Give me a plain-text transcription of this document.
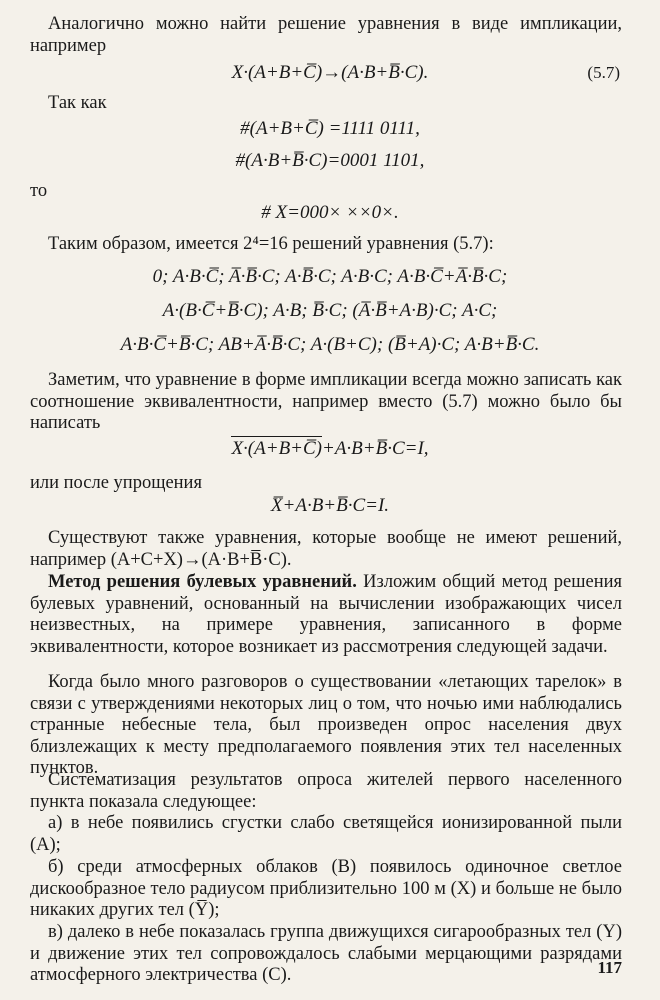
Аналогично можно найти решение уравнения в виде импликации, например

X·(A+B+C̅)→(A·B+B̅·C).	(5.7)

Так как

#(A+B+C̅) =1111 0111,
#(A·B+B̅·C)=0001 1101,

то

# X=000× ××0×.

Таким образом, имеется 2⁴=16 решений уравнения (5.7):

0; A·B·C̅; A̅·B̅·C; A·B̅·C; A·B·C; A·B·C̅+A̅·B̅·C;
A·(B·C̅+B̅·C); A·B; B̅·C; (A̅·B̅+A·B)·C; A·C;
A·B·C̅+B̅·C; AB+A̅·B̅·C; A·(B+C); (B̅+A)·C; A·B+B̅·C.

Заметим, что уравнение в форме импликации всегда можно записать как соотношение эквивалентности, например вместо (5.7) можно было бы написать

X·(A+B+C̅)+A·B+B̅·C=I,

или после упрощения

X̅+A·B+B̅·C=I.

Существуют также уравнения, которые вообще не имеют решений, например (A+C+X)→(A·B+B̅·C).

Метод решения булевых уравнений. Изложим общий метод решения булевых уравнений, основанный на вычислении изображающих чисел неизвестных, на примере уравнения, записанного в форме эквивалентности, которое возникает из рассмотрения следующей задачи.

Когда было много разговоров о существовании «летающих тарелок» в связи с утверждениями некоторых лиц о том, что ночью ими наблюдались странные небесные тела, был произведен опрос населения двух близлежащих к месту предполагаемого появления этих тел населенных пунктов.

Систематизация результатов опроса жителей первого населенного пункта показала следующее:

а) в небе появились сгустки слабо светящейся ионизированной пыли (A);

б) среди атмосферных облаков (B) появилось одиночное светлое дискообразное тело радиусом приблизительно 100 м (X) и больше не было никаких других тел (Y̅);

в) далеко в небе показалась группа движущихся сигарообразных тел (Y) и движение этих тел сопровождалось слабыми мерцающими разрядами атмосферного электричества (C).	117
